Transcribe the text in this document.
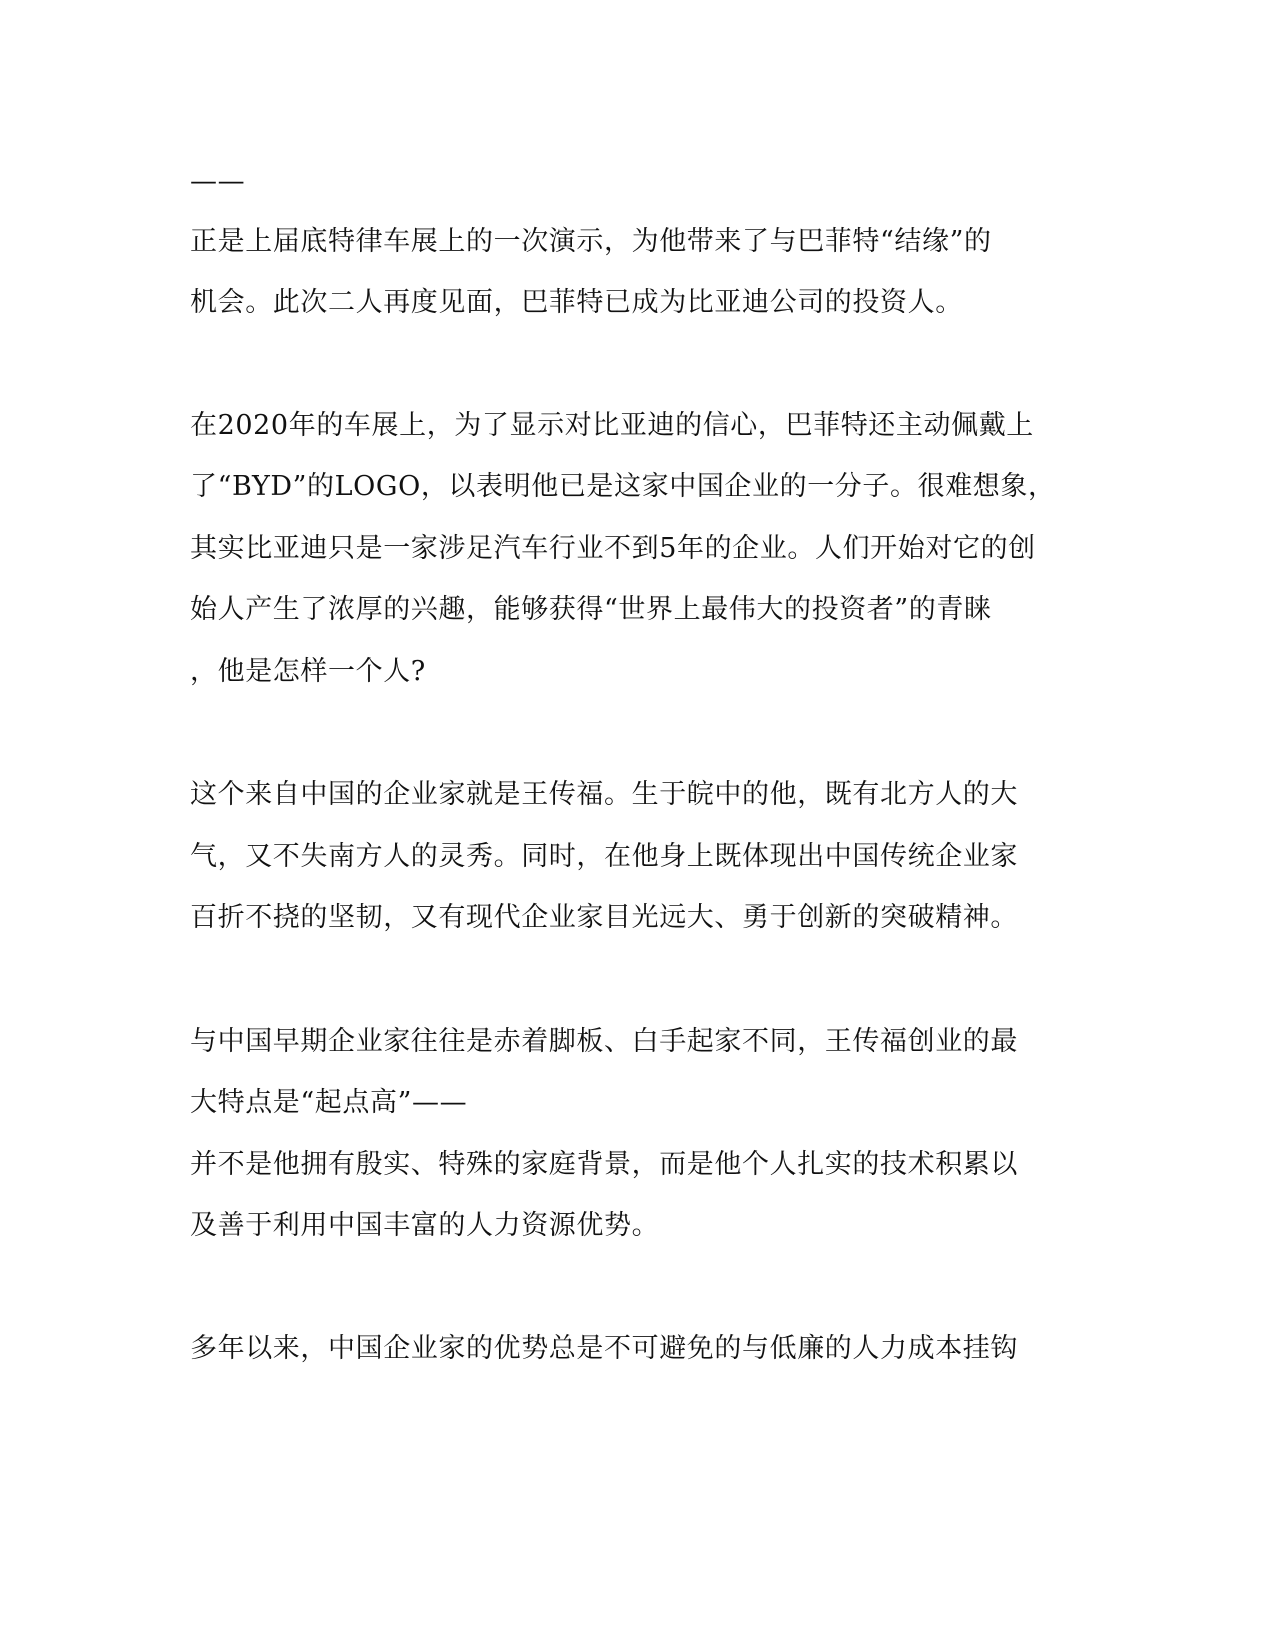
——

正是上届底特律车展上的一次演示，为他带来了与巴菲特“结缘”的

机会。此次二人再度见面，巴菲特已成为比亚迪公司的投资人。

在2020年的车展上，为了显示对比亚迪的信心，巴菲特还主动佩戴上

了“BYD”的LOGO，以表明他已是这家中国企业的一分子。很难想象，

其实比亚迪只是一家涉足汽车行业不到5年的企业。人们开始对它的创

始人产生了浓厚的兴趣，能够获得“世界上最伟大的投资者”的青睐

，他是怎样一个人?

这个来自中国的企业家就是王传福。生于皖中的他，既有北方人的大

气，又不失南方人的灵秀。同时，在他身上既体现出中国传统企业家

百折不挠的坚韧，又有现代企业家目光远大、勇于创新的突破精神。

与中国早期企业家往往是赤着脚板、白手起家不同，王传福创业的最

大特点是“起点高”——

并不是他拥有殷实、特殊的家庭背景，而是他个人扎实的技术积累以

及善于利用中国丰富的人力资源优势。

多年以来，中国企业家的优势总是不可避免的与低廉的人力成本挂钩
